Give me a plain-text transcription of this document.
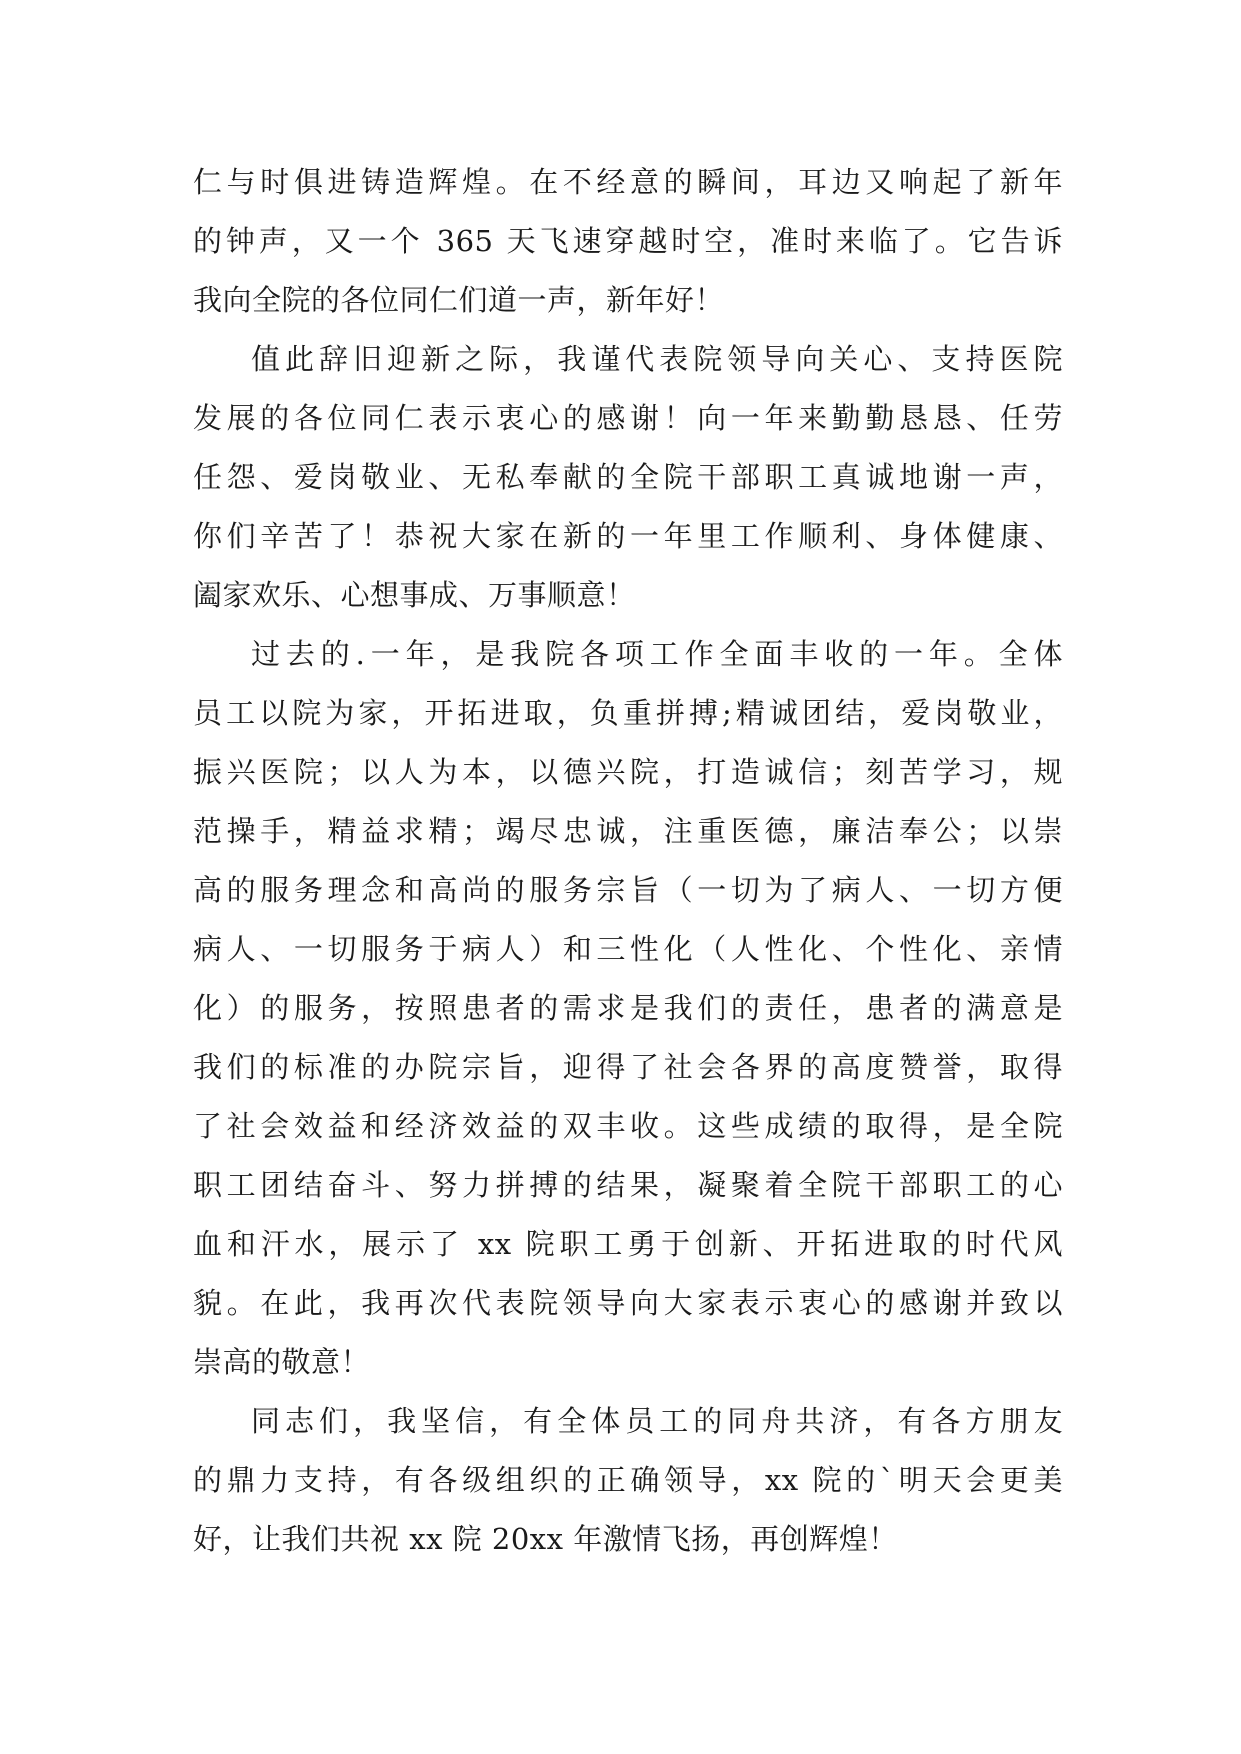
仁与时俱进铸造辉煌。在不经意的瞬间，耳边又响起了新年
的钟声，又一个 365 天飞速穿越时空，准时来临了。它告诉
我向全院的各位同仁们道一声，新年好！
值此辞旧迎新之际，我谨代表院领导向关心、支持医院
发展的各位同仁表示衷心的感谢！向一年来勤勤恳恳、任劳
任怨、爱岗敬业、无私奉献的全院干部职工真诚地谢一声，
你们辛苦了！恭祝大家在新的一年里工作顺利、身体健康、
阖家欢乐、心想事成、万事顺意！
过去的.一年，是我院各项工作全面丰收的一年。全体
员工以院为家，开拓进取，负重拼搏;精诚团结，爱岗敬业，
振兴医院；以人为本，以德兴院，打造诚信；刻苦学习，规
范操手，精益求精；竭尽忠诚，注重医德，廉洁奉公；以崇
高的服务理念和高尚的服务宗旨（一切为了病人、一切方便
病人、一切服务于病人）和三性化（人性化、个性化、亲情
化）的服务，按照患者的需求是我们的责任，患者的满意是
我们的标准的办院宗旨，迎得了社会各界的高度赞誉，取得
了社会效益和经济效益的双丰收。这些成绩的取得，是全院
职工团结奋斗、努力拼搏的结果，凝聚着全院干部职工的心
血和汗水，展示了 xx 院职工勇于创新、开拓进取的时代风
貌。在此，我再次代表院领导向大家表示衷心的感谢并致以
崇高的敬意！
同志们，我坚信，有全体员工的同舟共济，有各方朋友
的鼎力支持，有各级组织的正确领导，xx 院的`明天会更美
好，让我们共祝 xx 院 20xx 年激情飞扬，再创辉煌！
